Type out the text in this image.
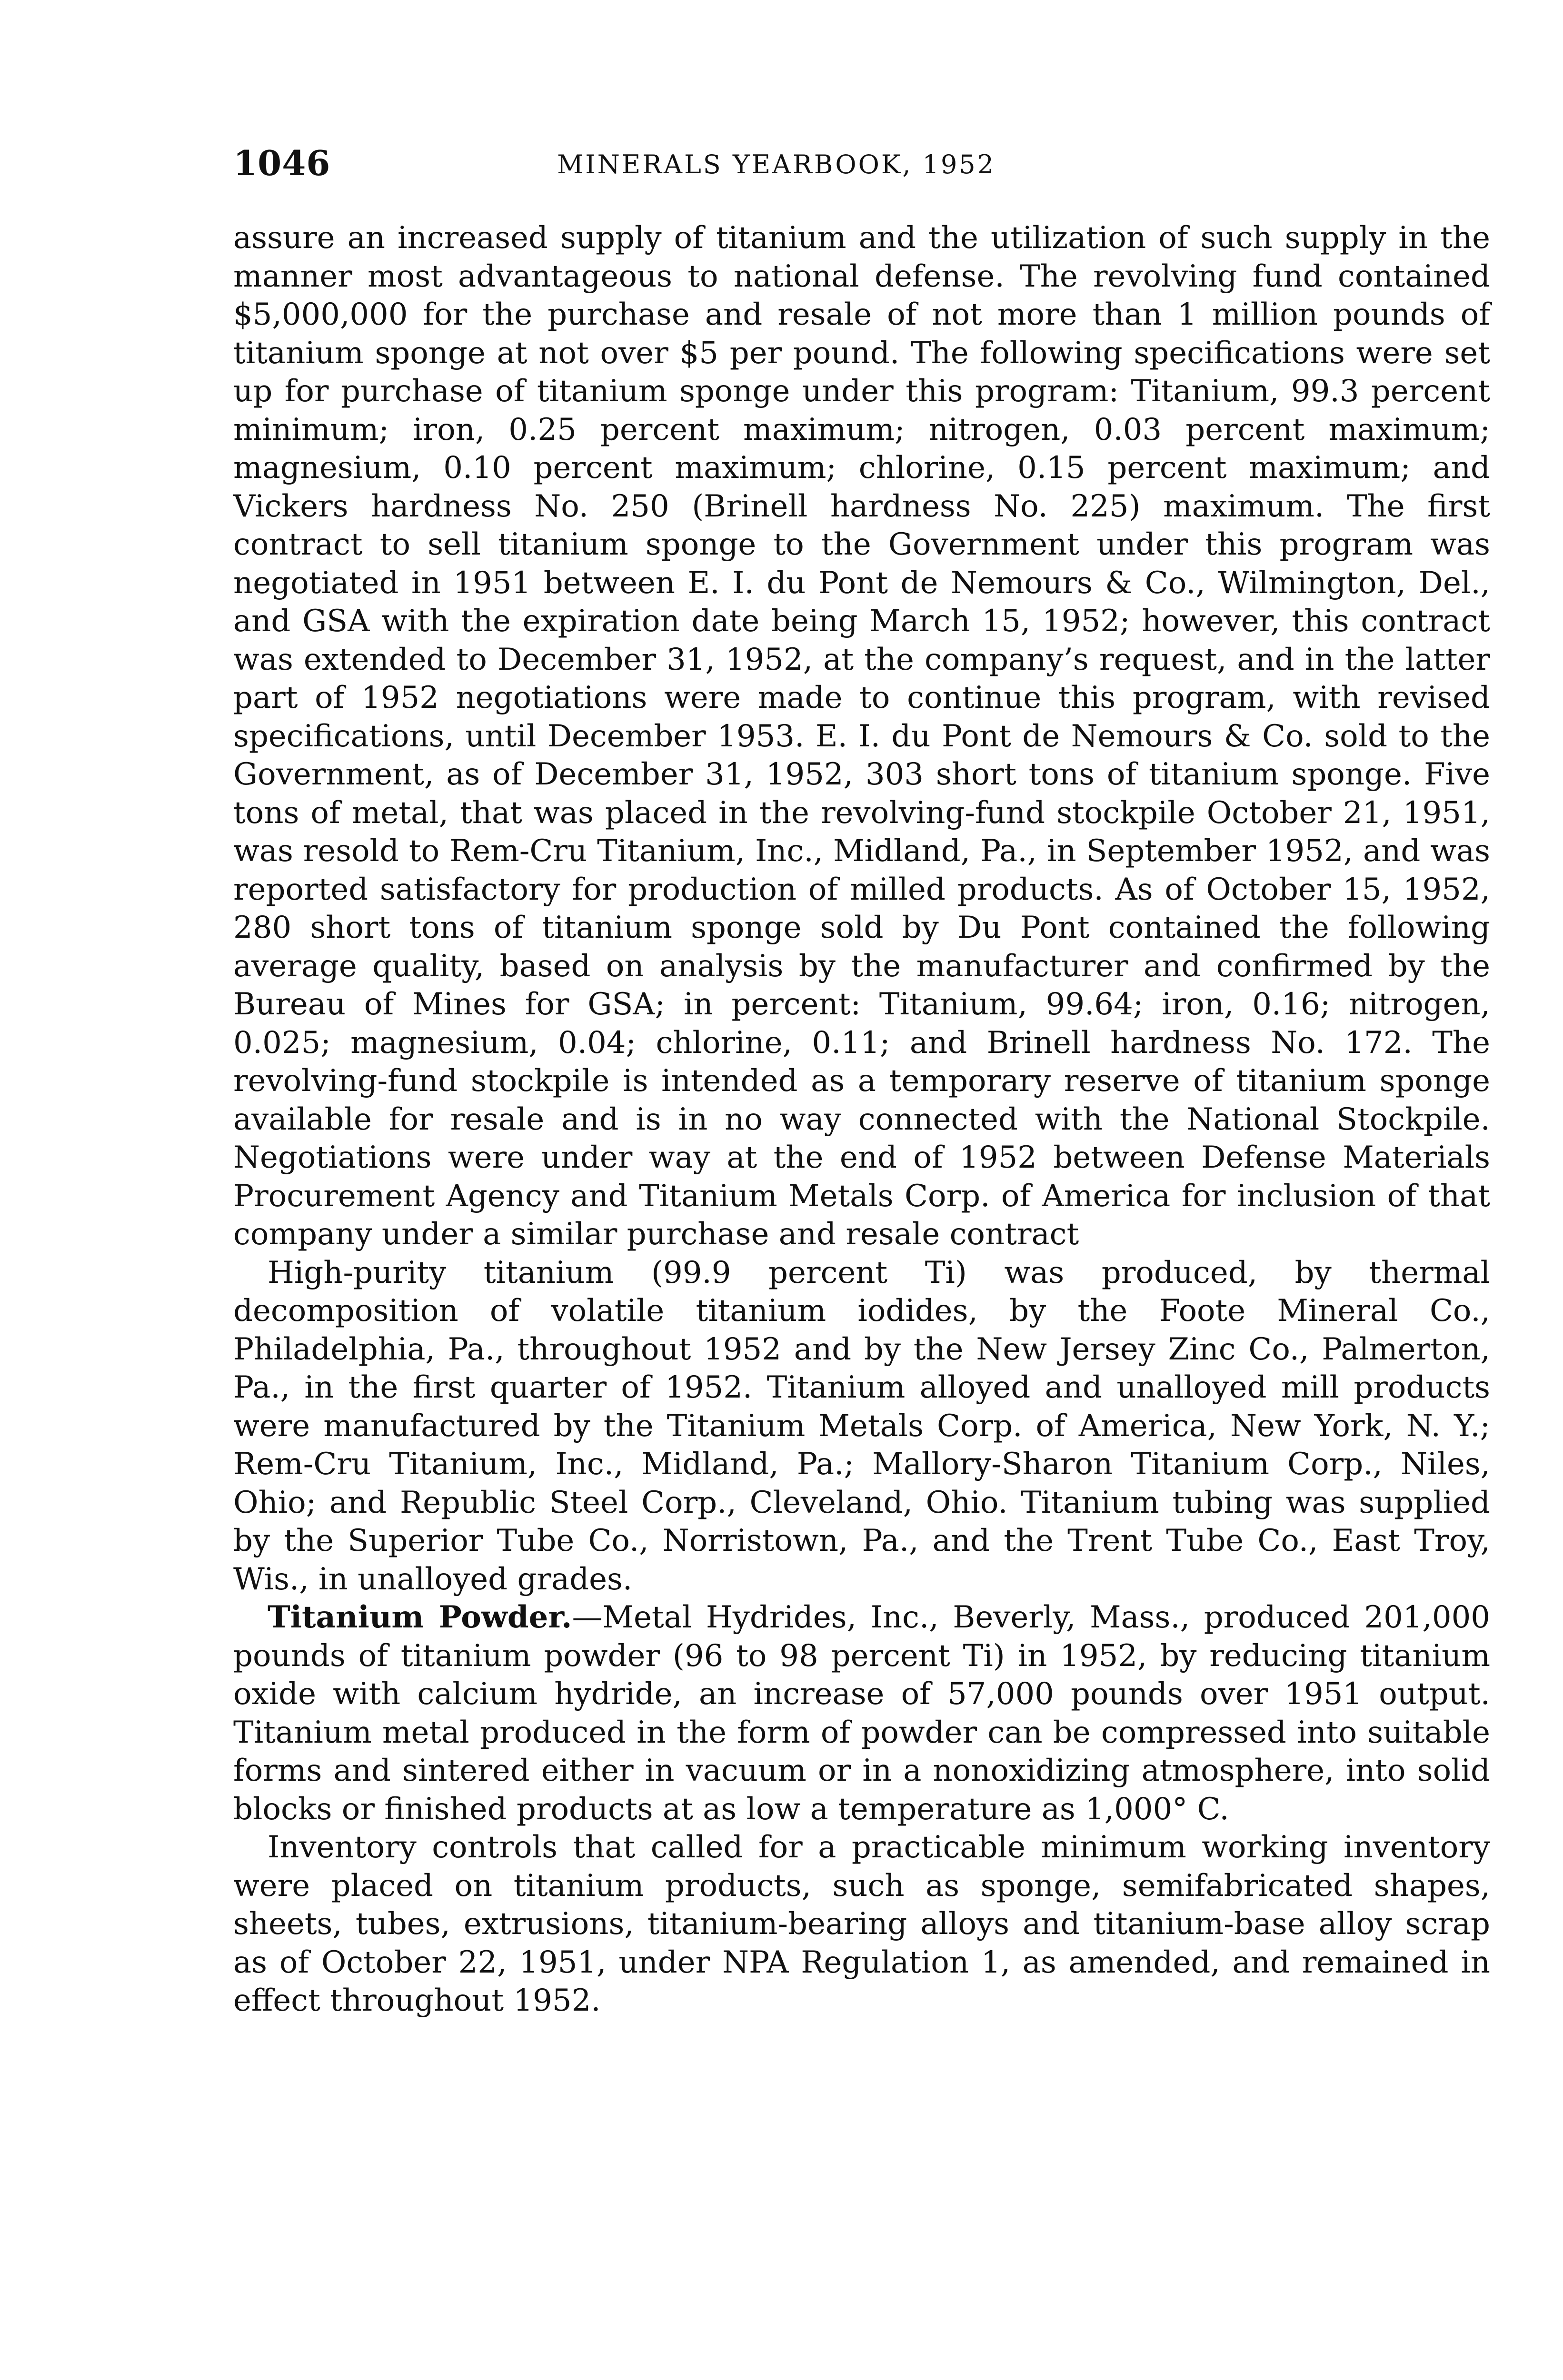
1046	MINERALS YEARBOOK, 1952

assure an increased supply of titanium and the utilization of such supply in the manner most advantageous to national defense. The revolving fund contained $5,000,000 for the purchase and resale of not more than 1 million pounds of titanium sponge at not over $5 per pound. The following specifications were set up for purchase of titanium sponge under this program: Titanium, 99.3 percent minimum; iron, 0.25 percent maximum; nitrogen, 0.03 percent maximum; magnesium, 0.10 percent maximum; chlorine, 0.15 percent maximum; and Vickers hardness No. 250 (Brinell hardness No. 225) maximum. The first contract to sell titanium sponge to the Government under this program was negotiated in 1951 between E. I. du Pont de Nemours & Co., Wilmington, Del., and GSA with the expiration date being March 15, 1952; however, this contract was extended to December 31, 1952, at the company’s request, and in the latter part of 1952 negotiations were made to continue this program, with revised specifications, until December 1953. E. I. du Pont de Nemours & Co. sold to the Government, as of December 31, 1952, 303 short tons of titanium sponge. Five tons of metal, that was placed in the revolving-fund stockpile October 21, 1951, was resold to Rem-Cru Titanium, Inc., Midland, Pa., in September 1952, and was reported satisfactory for production of milled products. As of October 15, 1952, 280 short tons of titanium sponge sold by Du Pont contained the following average quality, based on analysis by the manufacturer and confirmed by the Bureau of Mines for GSA; in percent: Titanium, 99.64; iron, 0.16; nitrogen, 0.025; magnesium, 0.04; chlorine, 0.11; and Brinell hardness No. 172. The revolving-fund stockpile is intended as a temporary reserve of titanium sponge available for resale and is in no way connected with the National Stockpile. Negotiations were under way at the end of 1952 between Defense Materials Procurement Agency and Titanium Metals Corp. of America for inclusion of that company under a similar purchase and resale contract

High-purity titanium (99.9 percent Ti) was produced, by thermal decomposition of volatile titanium iodides, by the Foote Mineral Co., Philadelphia, Pa., throughout 1952 and by the New Jersey Zinc Co., Palmerton, Pa., in the first quarter of 1952. Titanium alloyed and unalloyed mill products were manufactured by the Titanium Metals Corp. of America, New York, N. Y.; Rem-Cru Titanium, Inc., Midland, Pa.; Mallory-Sharon Titanium Corp., Niles, Ohio; and Republic Steel Corp., Cleveland, Ohio. Titanium tubing was supplied by the Superior Tube Co., Norristown, Pa., and the Trent Tube Co., East Troy, Wis., in unalloyed grades.

Titanium Powder.—Metal Hydrides, Inc., Beverly, Mass., produced 201,000 pounds of titanium powder (96 to 98 percent Ti) in 1952, by reducing titanium oxide with calcium hydride, an increase of 57,000 pounds over 1951 output. Titanium metal produced in the form of powder can be compressed into suitable forms and sintered either in vacuum or in a nonoxidizing atmosphere, into solid blocks or finished products at as low a temperature as 1,000° C.

Inventory controls that called for a practicable minimum working inventory were placed on titanium products, such as sponge, semifabricated shapes, sheets, tubes, extrusions, titanium-bearing alloys and titanium-base alloy scrap as of October 22, 1951, under NPA Regulation 1, as amended, and remained in effect throughout 1952.
